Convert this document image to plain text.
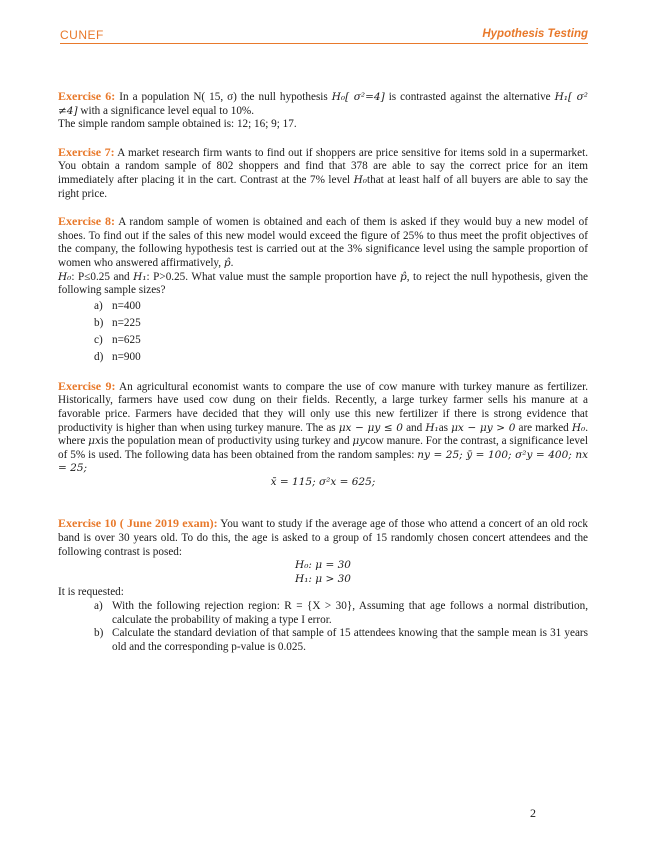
CUNEF	Hypothesis Testing

Exercise 6: In a population N( 15, σ) the null hypothesis H₀[ σ²=4] is contrasted against the alternative H₁[ σ² ≠4] with a significance level equal to 10%.

The simple random sample obtained is: 12; 16; 9; 17.

Exercise 7: A market research firm wants to find out if shoppers are price sensitive for items sold in a supermarket. You obtain a random sample of 802 shoppers and find that 378 are able to say the correct price for an item immediately after placing it in the cart. Contrast at the 7% level H₀that at least half of all buyers are able to say the right price.

Exercise 8: A random sample of women is obtained and each of them is asked if they would buy a new model of shoes. To find out if the sales of this new model would exceed the figure of 25% to thus meet the profit objectives of the company, the following hypothesis test is carried out at the 3% significance level using the sample proportion of women who answered affirmatively, p̂.

H₀: P≤0.25 and H₁: P>0.25. What value must the sample proportion have p̂, to reject the null hypothesis, given the following sample sizes?

a) n=400
b) n=225
c) n=625
d) n=900

Exercise 9: An agricultural economist wants to compare the use of cow manure with turkey manure as fertilizer. Historically, farmers have used cow dung on their fields. Recently, a large turkey farmer sells his manure at a favorable price. Farmers have decided that they will only use this new fertilizer if there is strong evidence that productivity is higher than when using turkey manure. The as μx − μy ≤ 0 and H₁as μx − μy > 0 are marked H₀. where μxis the population mean of productivity using turkey and μycow manure. For the contrast, a significance level of 5% is used. The following data has been obtained from the random samples: ny = 25; ȳ = 100; σ²y = 400; nx = 25;

x̄ = 115; σ²x = 625;

Exercise 10 ( June 2019 exam): You want to study if the average age of those who attend a concert of an old rock band is over 30 years old. To do this, the age is asked to a group of 15 randomly chosen concert attendees and the following contrast is posed:

H₀: μ = 30

H₁: μ > 30

It is requested:

a) With the following rejection region: R = {X > 30}, Assuming that age follows a normal distribution, calculate the probability of making a type I error.
b) Calculate the standard deviation of that sample of 15 attendees knowing that the sample mean is 31 years old and the corresponding p-value is 0.025.
2
